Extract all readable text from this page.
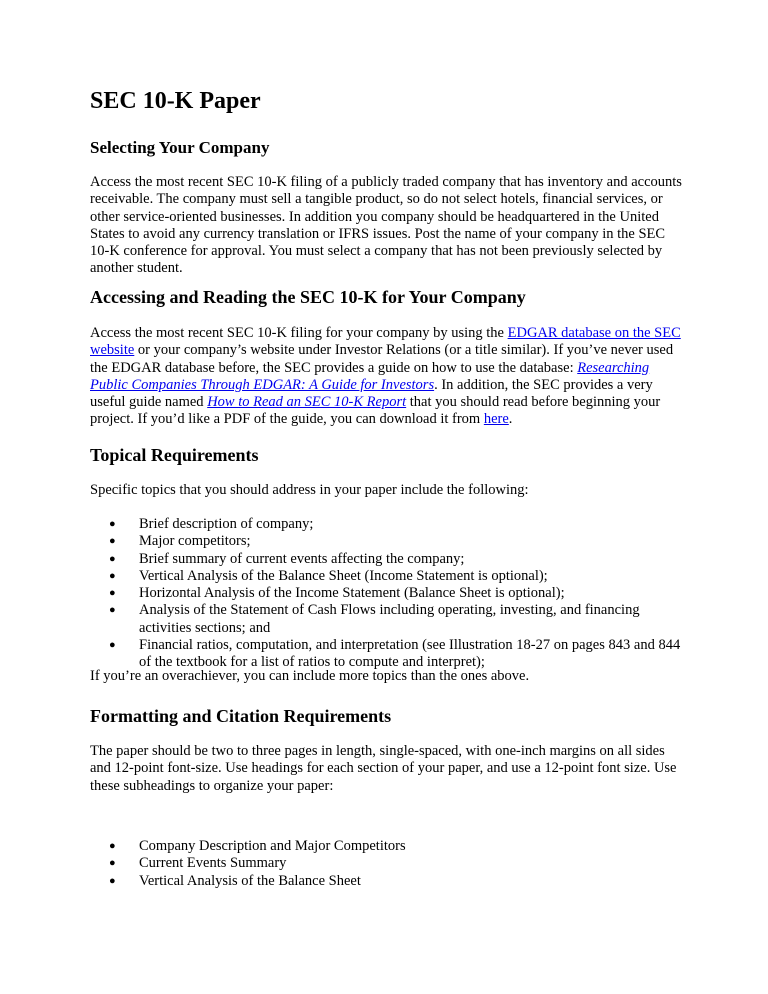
SEC 10-K Paper
Selecting Your Company

Access the most recent SEC 10-K filing of a publicly traded company that has inventory and accounts receivable. The company must sell a tangible product, so do not select hotels, financial services, or other service-oriented businesses. In addition you company should be headquartered in the United States to avoid any currency translation or IFRS issues. Post the name of your company in the SEC 10-K conference for approval. You must select a company that has not been previously selected by another student.

Accessing and Reading the SEC 10-K for Your Company

Access the most recent SEC 10-K filing for your company by using the EDGAR database on the SEC website or your company’s website under Investor Relations (or a title similar). If you’ve never used the EDGAR database before, the SEC provides a guide on how to use the database: Researching Public Companies Through EDGAR: A Guide for Investors. In addition, the SEC provides a very useful guide named How to Read an SEC 10-K Report that you should read before beginning your project. If you’d like a PDF of the guide, you can download it from here.

Topical Requirements

Specific topics that you should address in your paper include the following:

● Brief description of company;
● Major competitors;
● Brief summary of current events affecting the company;
● Vertical Analysis of the Balance Sheet (Income Statement is optional);
● Horizontal Analysis of the Income Statement (Balance Sheet is optional);
● Analysis of the Statement of Cash Flows including operating, investing, and financing activities sections; and
● Financial ratios, computation, and interpretation (see Illustration 18-27 on pages 843 and 844 of the textbook for a list of ratios to compute and interpret);

If you’re an overachiever, you can include more topics than the ones above.

Formatting and Citation Requirements

The paper should be two to three pages in length, single-spaced, with one-inch margins on all sides and 12-point font-size. Use headings for each section of your paper, and use a 12-point font size. Use these subheadings to organize your paper:

● Company Description and Major Competitors
● Current Events Summary
● Vertical Analysis of the Balance Sheet
